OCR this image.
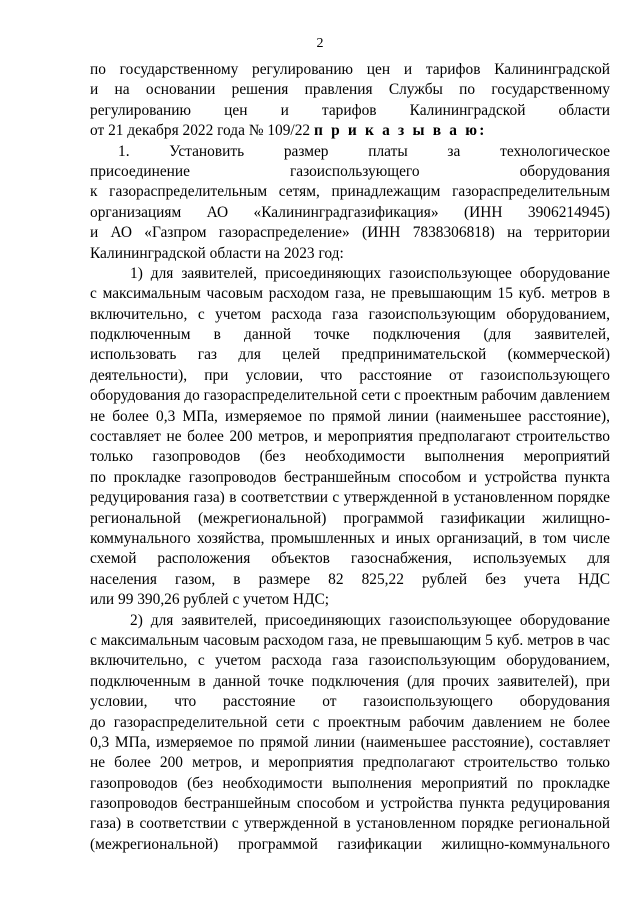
2
по государственному регулированию цен и тарифов Калининградской
и на основании решения правления Службы по государственному
регулированию цен и тарифов Калининградской области
от 21 декабря 2022 года № 109/22 п р и к а з ы в а ю:
1. Установить размер платы за технологическое
присоединение газоиспользующего оборудования
к газораспределительным сетям, принадлежащим газораспределительным
организациям АО «Калининградгазификация» (ИНН 3906214945)
и АО «Газпром газораспределение» (ИНН 7838306818) на территории
Калининградской области на 2023 год:
1) для заявителей, присоединяющих газоиспользующее оборудование
с максимальным часовым расходом газа, не превышающим 15 куб. метров в
включительно, с учетом расхода газа газоиспользующим оборудованием,
подключенным в данной точке подключения (для заявителей,
использовать газ для целей предпринимательской (коммерческой)
деятельности), при условии, что расстояние от газоиспользующего
оборудования до газораспределительной сети с проектным рабочим давлением
не более 0,3 МПа, измеряемое по прямой линии (наименьшее расстояние),
составляет не более 200 метров, и мероприятия предполагают строительство
только газопроводов (без необходимости выполнения мероприятий
по прокладке газопроводов бестраншейным способом и устройства пункта
редуцирования газа) в соответствии с утвержденной в установленном порядке
региональной (межрегиональной) программой газификации жилищно-
коммунального хозяйства, промышленных и иных организаций, в том числе
схемой расположения объектов газоснабжения, используемых для
населения газом, в размере 82 825,22 рублей без учета НДС
или 99 390,26 рублей с учетом НДС;
2) для заявителей, присоединяющих газоиспользующее оборудование
с максимальным часовым расходом газа, не превышающим 5 куб. метров в час
включительно, с учетом расхода газа газоиспользующим оборудованием,
подключенным в данной точке подключения (для прочих заявителей), при
условии, что расстояние от газоиспользующего оборудования
до газораспределительной сети с проектным рабочим давлением не более
0,3 МПа, измеряемое по прямой линии (наименьшее расстояние), составляет
не более 200 метров, и мероприятия предполагают строительство только
газопроводов (без необходимости выполнения мероприятий по прокладке
газопроводов бестраншейным способом и устройства пункта редуцирования
газа) в соответствии с утвержденной в установленном порядке региональной
(межрегиональной) программой газификации жилищно-коммунального
